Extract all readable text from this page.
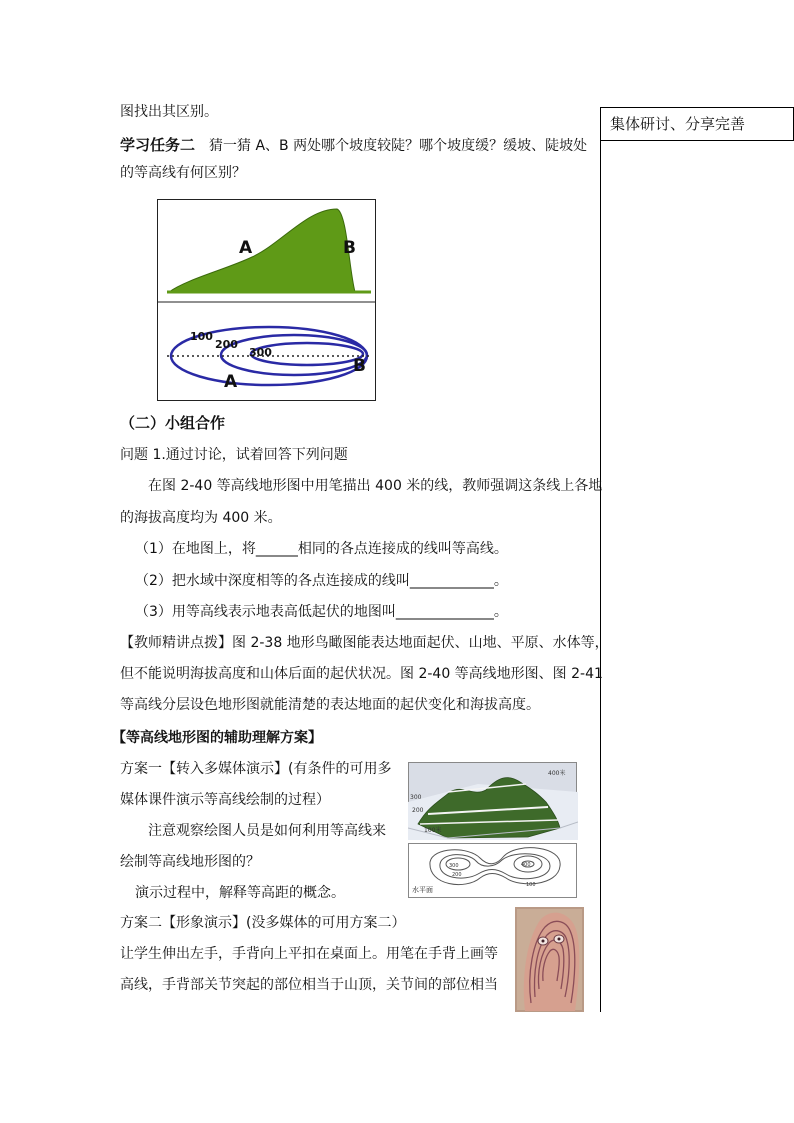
集体研讨、分享完善
图找出其区别。
学习任务二 猜一猜 A、B 两处哪个坡度较陡？哪个坡度缓？缓坡、陡坡处
的等高线有何区别？
A	B
100
200
300
A
B
（二）小组合作
问题 1.通过讨论，试着回答下列问题
在图 2-40 等高线地形图中用笔描出 400 米的线，教师强调这条线上各地
的海拔高度均为 400 米。
（1）在地图上，将______相同的各点连接成的线叫等高线。
（2）把水域中深度相等的各点连接成的线叫____________。
（3）用等高线表示地表高低起伏的地图叫______________。
【教师精讲点拨】图 2-38 地形鸟瞰图能表达地面起伏、山地、平原、水体等，
但不能说明海拔高度和山体后面的起伏状况。图 2-40 等高线地形图、图 2-41
等高线分层设色地形图就能清楚的表达地面的起伏变化和海拔高度。
【等高线地形图的辅助理解方案】
方案一【转入多媒体演示】(有条件的可用多
媒体课件演示等高线绘制的过程）
注意观察绘图人员是如何利用等高线来
绘制等高线地形图的？
演示过程中，解释等高距的概念。
方案二【形象演示】(没多媒体的可用方案二）
让学生伸出左手，手背向上平扣在桌面上。用笔在手背上画等
高线，手背部关节突起的部位相当于山顶，关节间的部位相当
400米
300
200
100米
400
300
200
100
水平面
